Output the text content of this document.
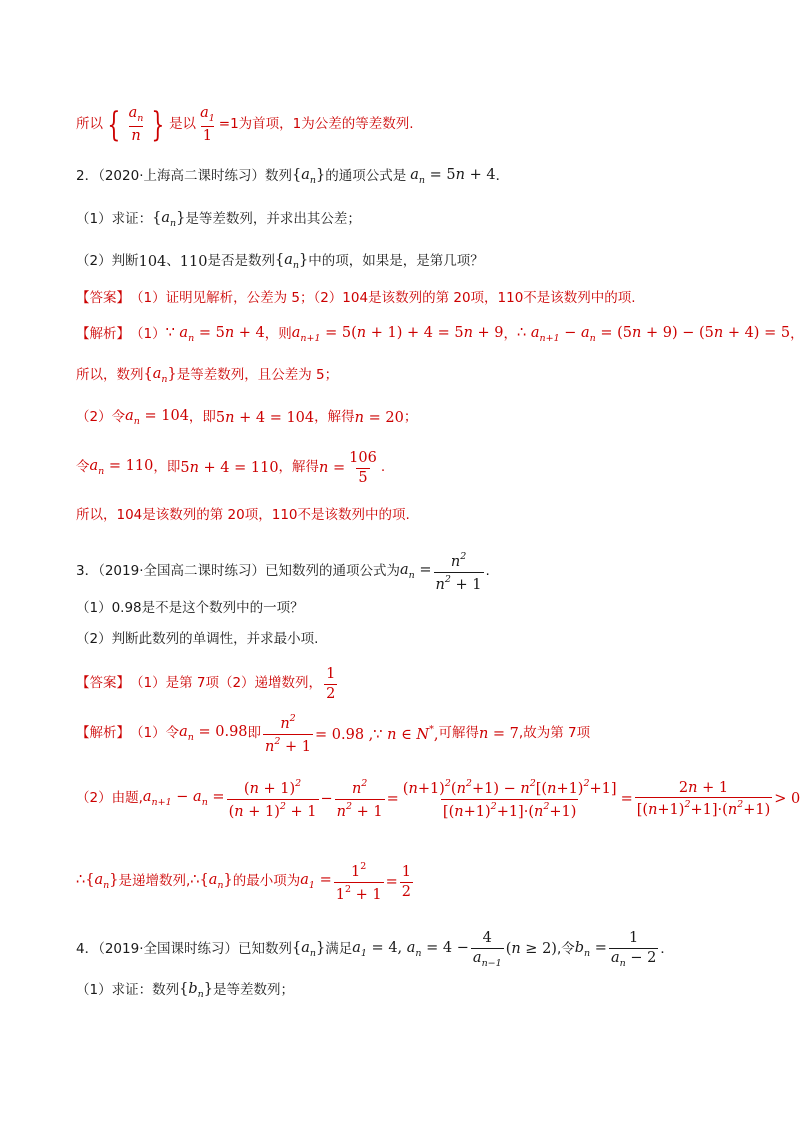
所以 { $\frac{a_n}{n}$ } 是以 $\frac{a_1}{1} =1$为首项，1为公差的等差数列.
2．（2020·上海高二课时练习）数列 $\{a_n\}$ 的通项公式是 $a_n = 5n + 4$ ．
（1）求证： $\{a_n\}$ 是等差数列，并求出其公差；
（2）判断 104 、 110 是否是数列 $\{a_n\}$ 中的项，如果是，是第几项？
【答案】 （1）证明见解析，公差为 5；（2）104是该数列的第 20项，110不是该数列中的项.
【解析】 （1） ∵ $a_n = 5n + 4$ ，则 $a_{n+1} = 5(n + 1) + 4 = 5n + 9$ ， ∴ $a_{n+1} - a_n = (5n + 9) - (5n + 4) = 5$ ，
所以，数列 $\{a_n\}$ 是等差数列，且公差为 5；
（2）令 $a_n = 104$ ，即 5n + 4 = 104 ，解得 n = 20 ；
令 $a_n = 110$ ，即 5n + 4 = 110 ，解得 $n = \frac{106}{5}$ .
所以，104是该数列的第 20项，110不是该数列中的项.
3．（2019·全国高二课时练习）已知数列的通项公式为 $a_n = \frac{n^2}{n^2 + 1}$ .
（1）0.98是不是这个数列中的一项？
（2）判断此数列的单调性，并求最小项.
【答案】 （1）是第 7项（2）递增数列， $\frac{1}{2}$
【解析】 （1）令 $a_n = 0.98$ 即 $\frac{n^2}{n^2 + 1} = 0.98$ ,∵ n ∈ N*, 可解得 n = 7 ,故为第 7项
（2）由题, $a_{n+1} - a_n = \frac{(n + 1)^2}{(n + 1)^2 + 1} - \frac{n^2}{n^2 + 1} = \frac{(n+1)^2(n^2+1) - n^2[(n+1)^2+1]}{[(n+1)^2+1]\cdot(n^2+1)} = \frac{2n + 1}{[(n+1)^2+1]\cdot(n^2+1)} > 0$
$\therefore\{a_n\}$ 是递增数列, $\therefore\{a_n\}$ 的最小项为 $a_1 = \frac{1^2}{1^2 + 1} = \frac{1}{2}$
4．（2019·全国课时练习）已知数列 $\{a_n\}$ 满足 $a_1 = 4$, $a_n = 4 - \frac{4}{a_{n-1}} (n \ge 2)$ ,令 $b_n = \frac{1}{a_n - 2}$ ．
（1）求证：数列 $\{b_n\}$ 是等差数列；
